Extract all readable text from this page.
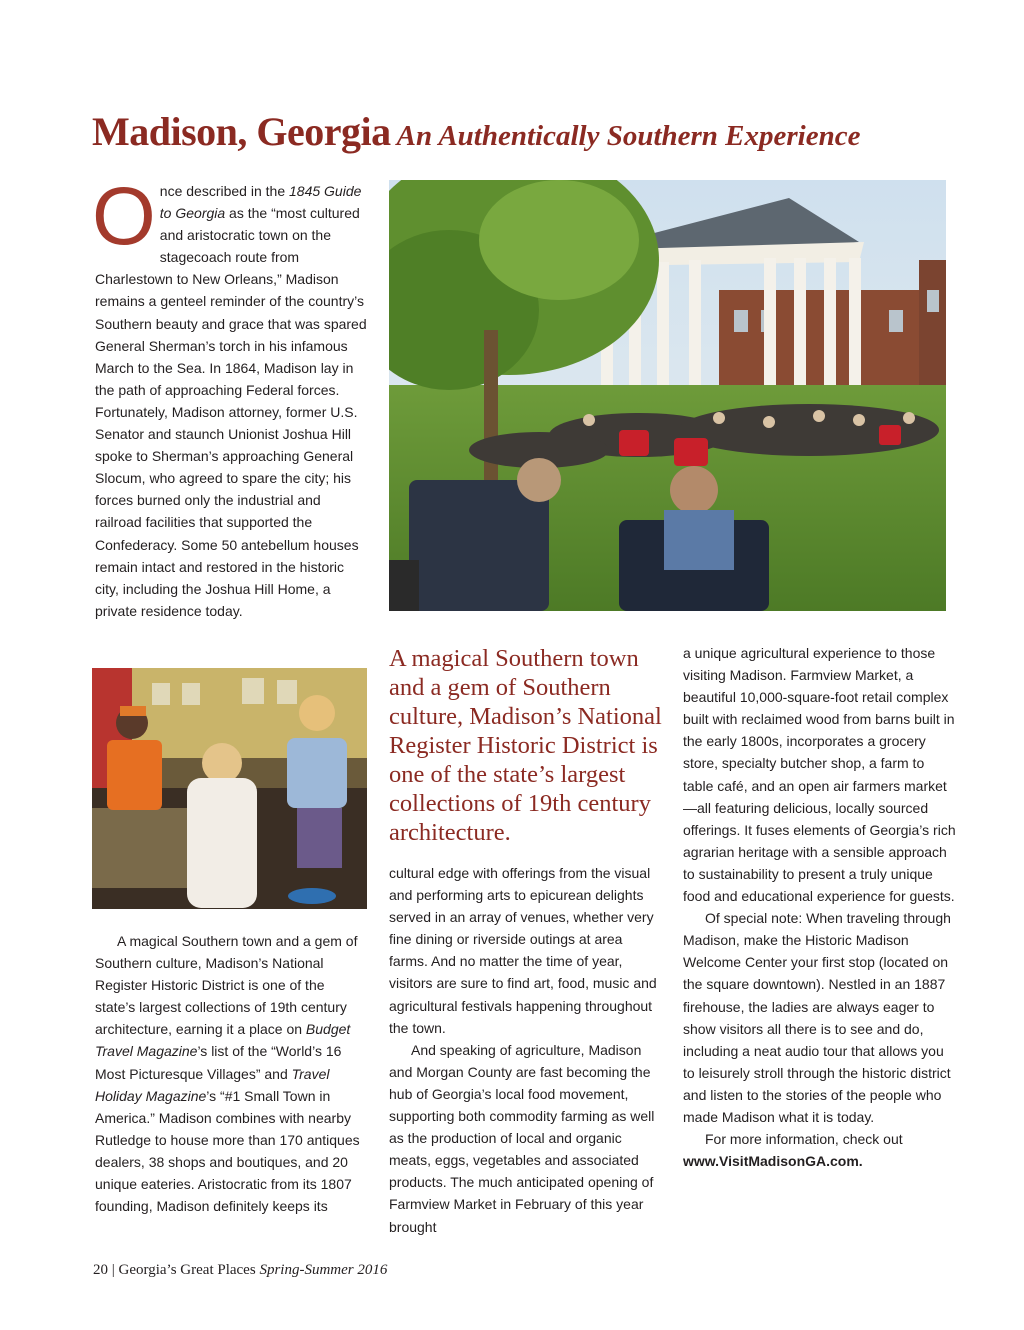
Madison, Georgia An Authentically Southern Experience
Once described in the 1845 Guide to Georgia as the “most cultured and aristocratic town on the stagecoach route from Charlestown to New Orleans,” Madison remains a genteel reminder of the country’s Southern beauty and grace that was spared General Sherman’s torch in his infamous March to the Sea. In 1864, Madison lay in the path of approaching Federal forces. Fortunately, Madison attorney, former U.S. Senator and staunch Unionist Joshua Hill spoke to Sherman’s approaching General Slocum, who agreed to spare the city; his forces burned only the industrial and railroad facilities that supported the Confederacy. Some 50 antebellum houses remain intact and restored in the historic city, including the Joshua Hill Home, a private residence today.

A magical Southern town and a gem of Southern culture, Madison’s National Register Historic District is one of the state’s largest collections of 19th century architecture, earning it a place on Budget Travel Magazine’s list of the “World’s 16 Most Picturesque Villages” and Travel Holiday Magazine’s “#1 Small Town in America.” Madison combines with nearby Rutledge to house more than 170 antiques dealers, 38 shops and boutiques, and 20 unique eateries. Aristocratic from its 1807 founding, Madison definitely keeps its

A magical Southern town and a gem of Southern culture, Madison’s National Register Historic District is one of the state’s largest collections of 19th century architecture.

cultural edge with offerings from the visual and performing arts to epicurean delights served in an array of venues, whether very fine dining or riverside outings at area farms. And no matter the time of year, visitors are sure to find art, food, music and agricultural festivals happening throughout the town.

And speaking of agriculture, Madison and Morgan County are fast becoming the hub of Georgia’s local food movement, supporting both commodity farming as well as the production of local and organic meats, eggs, vegetables and associated products. The much anticipated opening of Farmview Market in February of this year brought

a unique agricultural experience to those visiting Madison. Farmview Market, a beautiful 10,000-square-foot retail complex built with reclaimed wood from barns built in the early 1800s, incorporates a grocery store, specialty butcher shop, a farm to table café, and an open air farmers market—all featuring delicious, locally sourced offerings. It fuses elements of Georgia’s rich agrarian heritage with a sensible approach to sustainability to present a truly unique food and educational experience for guests.

Of special note: When traveling through Madison, make the Historic Madison Welcome Center your first stop (located on the square downtown). Nestled in an 1887 firehouse, the ladies are always eager to show visitors all there is to see and do, including a neat audio tour that allows you to leisurely stroll through the historic district and listen to the stories of the people who made Madison what it is today.

For more information, check out

www.VisitMadisonGA.com.

20 | Georgia’s Great Places Spring-Summer 2016
